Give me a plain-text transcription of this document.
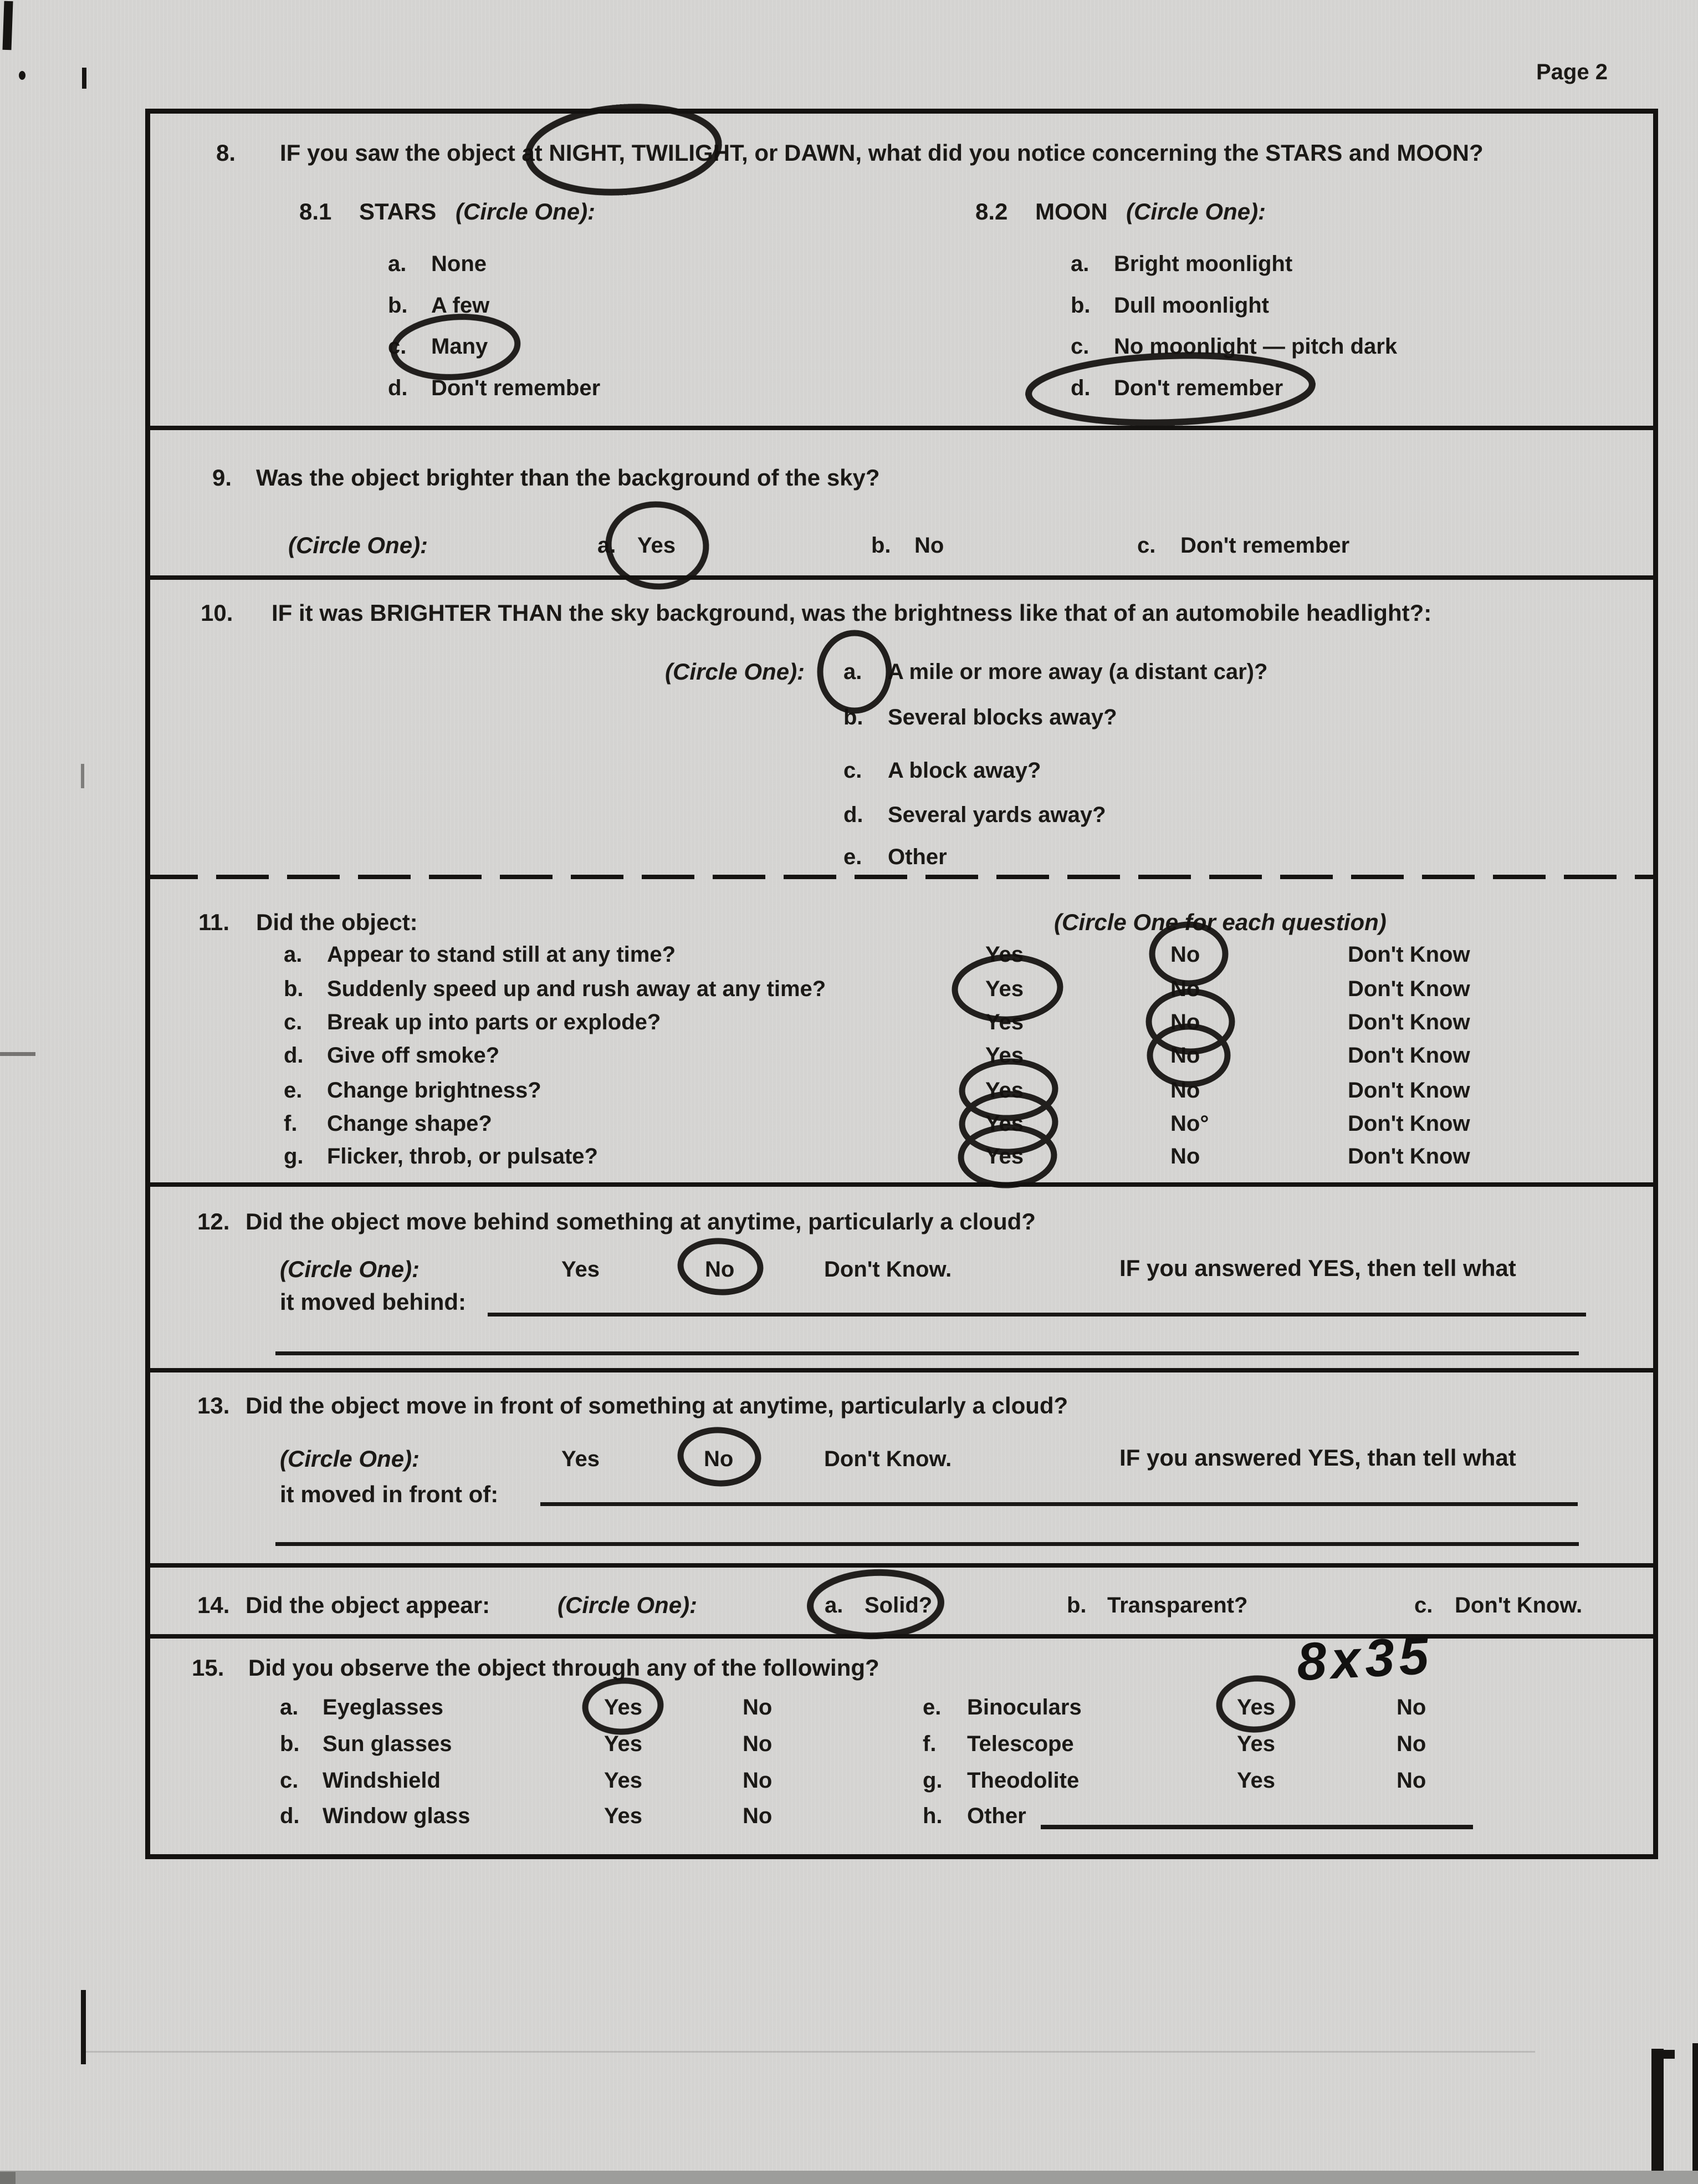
Page 2
8. IF you saw the object at NIGHT, TWILIGHT, or DAWN, what did you notice concerning the STARS and MOON?
8.1 STARS (Circle One):	8.2 MOON (Circle One):
a. None
b. A few
c. Many
d. Don't remember
a. Bright moonlight
b. Dull moonlight
c. No moonlight — pitch dark
d. Don't remember
9. Was the object brighter than the background of the sky?
(Circle One):	a. Yes	b. No	c. Don't remember
10. IF it was BRIGHTER THAN the sky background, was the brightness like that of an automobile headlight?:
(Circle One): a. A mile or more away (a distant car)?
b. Several blocks away?
c. A block away?
d. Several yards away?
e. Other
11. Did the object:	(Circle One for each question)
a. Appear to stand still at any time?	Yes	No	Don't Know
b. Suddenly speed up and rush away at any time?	Yes	No	Don't Know
c. Break up into parts or explode?	Yes	No	Don't Know
d. Give off smoke?	Yes	No	Don't Know
e. Change brightness?	Yes	No	Don't Know
f. Change shape?	Yes	No°	Don't Know
g. Flicker, throb, or pulsate?	Yes	No	Don't Know
12. Did the object move behind something at anytime, particularly a cloud?
(Circle One):	Yes	No	Don't Know.	IF you answered YES, then tell what
it moved behind:
13. Did the object move in front of something at anytime, particularly a cloud?
(Circle One):	Yes	No	Don't Know.	IF you answered YES, than tell what
it moved in front of:
14. Did the object appear:	(Circle One):	a. Solid?	b. Transparent?	c. Don't Know.
15. Did you observe the object through any of the following?	8x35
a. Eyeglasses	Yes	No
b. Sun glasses	Yes	No
c. Windshield	Yes	No
d. Window glass	Yes	No
e. Binoculars	Yes	No
f. Telescope	Yes	No
g. Theodolite	Yes	No
h. Other
